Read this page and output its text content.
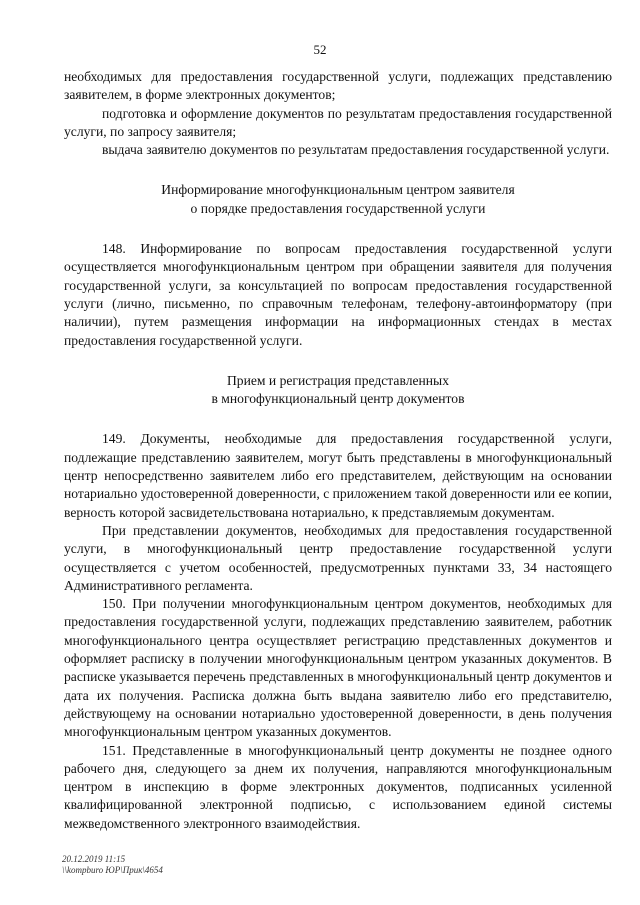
52

необходимых для предоставления государственной услуги, подлежащих представлению заявителем, в форме электронных документов;

подготовка и оформление документов по результатам предоставления государственной услуги, по запросу заявителя;

выдача заявителю документов по результатам предоставления государственной услуги.

Информирование многофункциональным центром заявителя
о порядке предоставления государственной услуги

148. Информирование по вопросам предоставления государственной услуги осуществляется многофункциональным центром при обращении заявителя для получения государственной услуги, за консультацией по вопросам предоставления государственной услуги (лично, письменно, по справочным телефонам, телефону-автоинформатору (при наличии), путем размещения информации на информационных стендах в местах предоставления государственной услуги.

Прием и регистрация представленных
в многофункциональный центр документов

149. Документы, необходимые для предоставления государственной услуги, подлежащие представлению заявителем, могут быть представлены в многофункциональный центр непосредственно заявителем либо его представителем, действующим на основании нотариально удостоверенной доверенности, с приложением такой доверенности или ее копии, верность которой засвидетельствована нотариально, к представляемым документам.

При представлении документов, необходимых для предоставления государственной услуги, в многофункциональный центр предоставление государственной услуги осуществляется с учетом особенностей, предусмотренных пунктами 33, 34 настоящего Административного регламента.

150. При получении многофункциональным центром документов, необходимых для предоставления государственной услуги, подлежащих представлению заявителем, работник многофункционального центра осуществляет регистрацию представленных документов и оформляет расписку в получении многофункциональным центром указанных документов. В расписке указывается перечень представленных в многофункциональный центр документов и дата их получения. Расписка должна быть выдана заявителю либо его представителю, действующему на основании нотариально удостоверенной доверенности, в день получения многофункциональным центром указанных документов.

151. Представленные в многофункциональный центр документы не позднее одного рабочего дня, следующего за днем их получения, направляются многофункциональным центром в инспекцию в форме электронных документов, подписанных усиленной квалифицированной электронной подписью, с использованием единой системы межведомственного электронного взаимодействия.

20.12.2019 11:15
\\kompburo ЮР\Прик\4654
